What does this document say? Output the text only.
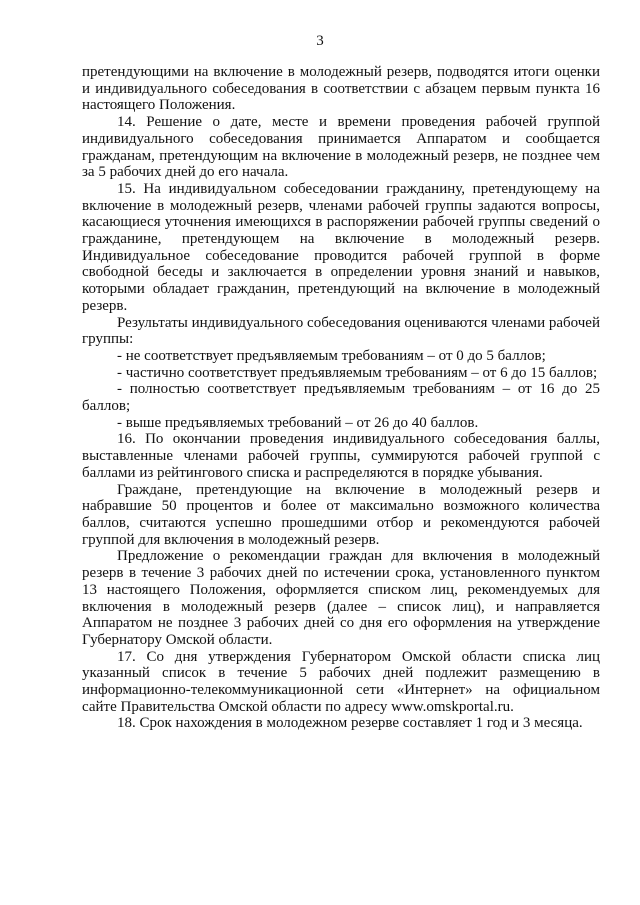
3

претендующими на включение в молодежный резерв, подводятся итоги оценки и индивидуального собеседования в соответствии с абзацем первым пункта 16 настоящего Положения.

14. Решение о дате, месте и времени проведения рабочей группой индивидуального собеседования принимается Аппаратом и сообщается гражданам, претендующим на включение в молодежный резерв, не позднее чем за 5 рабочих дней до его начала.

15. На индивидуальном собеседовании гражданину, претендующему на включение в молодежный резерв, членами рабочей группы задаются вопросы, касающиеся уточнения имеющихся в распоряжении рабочей группы сведений о гражданине, претендующем на включение в молодежный резерв. Индивидуальное собеседование проводится рабочей группой в форме свободной беседы и заключается в определении уровня знаний и навыков, которыми обладает гражданин, претендующий на включение в молодежный резерв.

Результаты индивидуального собеседования оцениваются членами рабочей группы:

- не соответствует предъявляемым требованиям – от 0 до 5 баллов;
- частично соответствует предъявляемым требованиям – от 6 до 15 баллов;
- полностью соответствует предъявляемым требованиям – от 16 до 25 баллов;
- выше предъявляемых требований – от 26 до 40 баллов.

16. По окончании проведения индивидуального собеседования баллы, выставленные членами рабочей группы, суммируются рабочей группой с баллами из рейтингового списка и распределяются в порядке убывания.

Граждане, претендующие на включение в молодежный резерв и набравшие 50 процентов и более от максимально возможного количества баллов, считаются успешно прошедшими отбор и рекомендуются рабочей группой для включения в молодежный резерв.

Предложение о рекомендации граждан для включения в молодежный резерв в течение 3 рабочих дней по истечении срока, установленного пунктом 13 настоящего Положения, оформляется списком лиц, рекомендуемых для включения в молодежный резерв (далее – список лиц), и направляется Аппаратом не позднее 3 рабочих дней со дня его оформления на утверждение Губернатору Омской области.

17. Со дня утверждения Губернатором Омской области списка лиц указанный список в течение 5 рабочих дней подлежит размещению в информационно-телекоммуникационной сети «Интернет» на официальном сайте Правительства Омской области по адресу www.omskportal.ru.

18. Срок нахождения в молодежном резерве составляет 1 год и 3 месяца.
